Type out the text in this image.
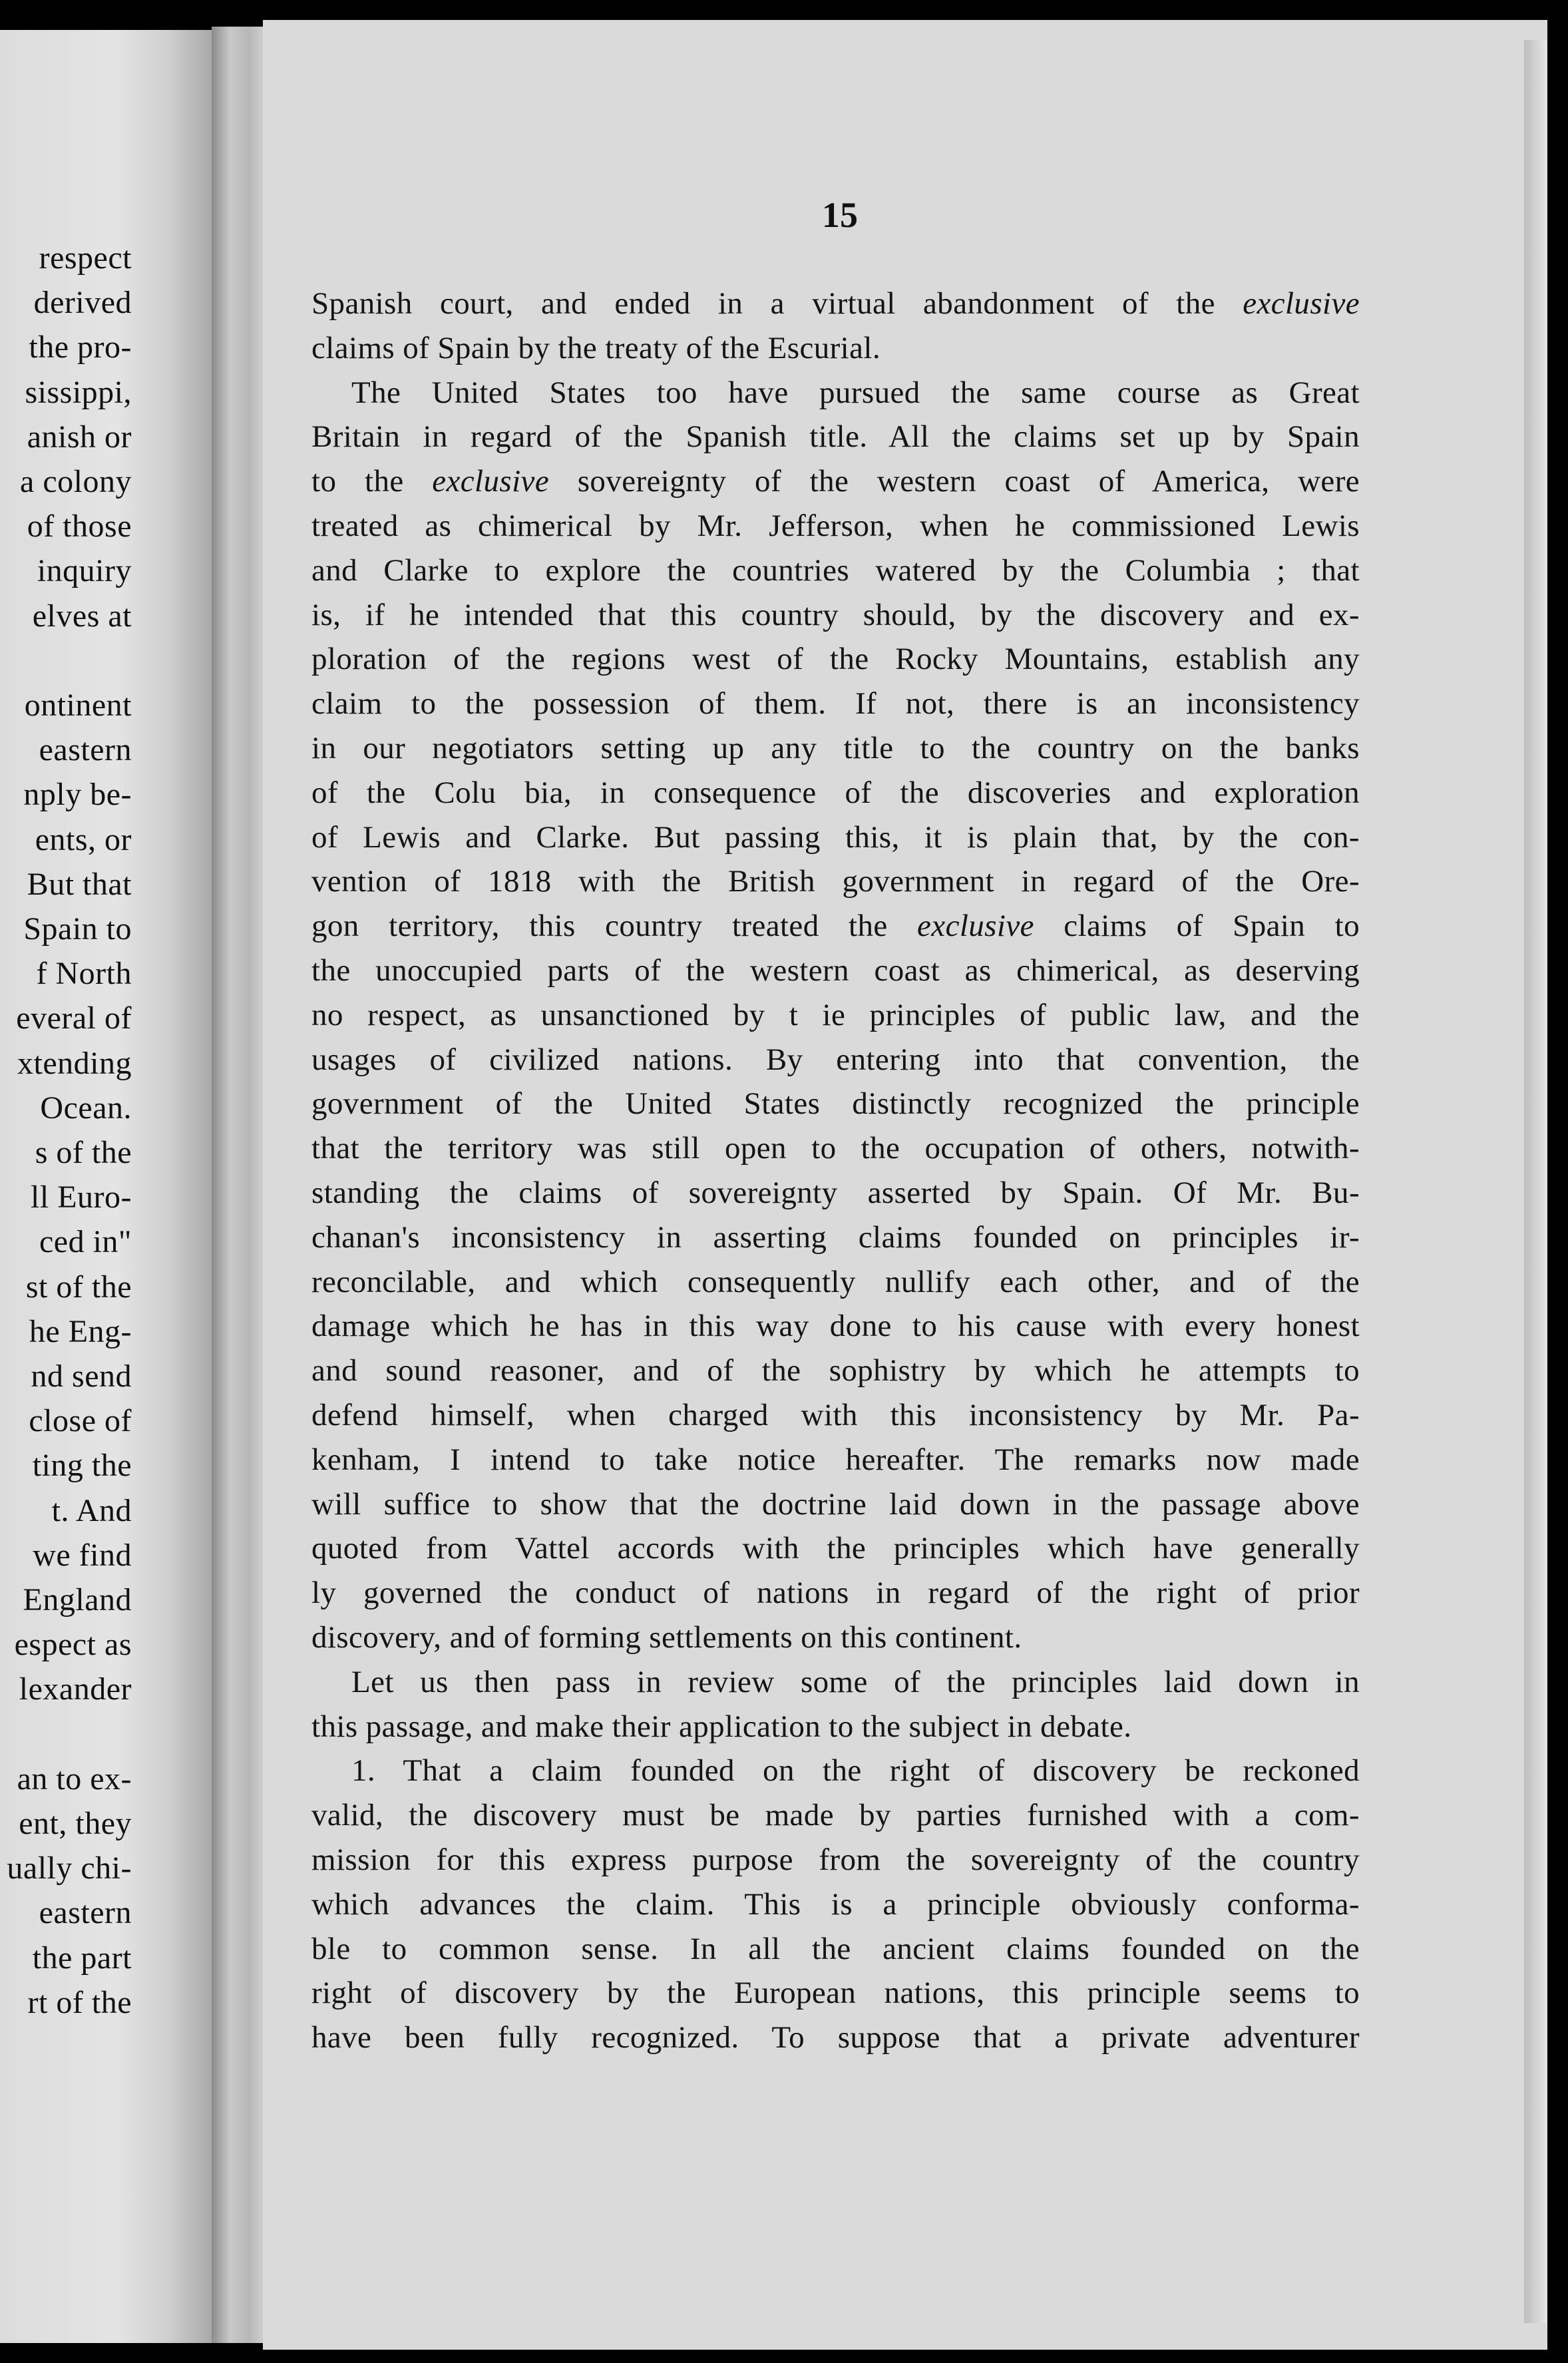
respect
derived
the pro-
sissippi,
anish or
a colony
of those
inquiry
elves at
ontinent
eastern
nply be-
ents, or
But that
Spain to
f North
everal of
xtending
Ocean.
s of the
ll Euro-
ced in"
st of the
he Eng-
nd send
close of
ting the
t. And
we find
England
espect as
lexander
an to ex-
ent, they
ually chi-
eastern
the part
rt of the
15
Spanish court, and ended in a virtual abandonment of the exclusive
claims of Spain by the treaty of the Escurial.
The United States too have pursued the same course as Great
Britain in regard of the Spanish title. All the claims set up by Spain
to the exclusive sovereignty of the western coast of America, were
treated as chimerical by Mr. Jefferson, when he commissioned Lewis
and Clarke to explore the countries watered by the Columbia ; that
is, if he intended that this country should, by the discovery and ex-
ploration of the regions west of the Rocky Mountains, establish any
claim to the possession of them. If not, there is an inconsistency
in our negotiators setting up any title to the country on the banks
of the Colu bia, in consequence of the discoveries and exploration
of Lewis and Clarke. But passing this, it is plain that, by the con-
vention of 1818 with the British government in regard of the Ore-
gon territory, this country treated the exclusive claims of Spain to
the unoccupied parts of the western coast as chimerical, as deserving
no respect, as unsanctioned by t ie principles of public law, and the
usages of civilized nations. By entering into that convention, the
government of the United States distinctly recognized the principle
that the territory was still open to the occupation of others, notwith-
standing the claims of sovereignty asserted by Spain. Of Mr. Bu-
chanan's inconsistency in asserting claims founded on principles ir-
reconcilable, and which consequently nullify each other, and of the
damage which he has in this way done to his cause with every honest
and sound reasoner, and of the sophistry by which he attempts to
defend himself, when charged with this inconsistency by Mr. Pa-
kenham, I intend to take notice hereafter. The remarks now made
will suffice to show that the doctrine laid down in the passage above
quoted from Vattel accords with the principles which have generally
ly governed the conduct of nations in regard of the right of prior
discovery, and of forming settlements on this continent.
Let us then pass in review some of the principles laid down in
this passage, and make their application to the subject in debate.
1. That a claim founded on the right of discovery be reckoned
valid, the discovery must be made by parties furnished with a com-
mission for this express purpose from the sovereignty of the country
which advances the claim. This is a principle obviously conforma-
ble to common sense. In all the ancient claims founded on the
right of discovery by the European nations, this principle seems to
have been fully recognized. To suppose that a private adventurer
